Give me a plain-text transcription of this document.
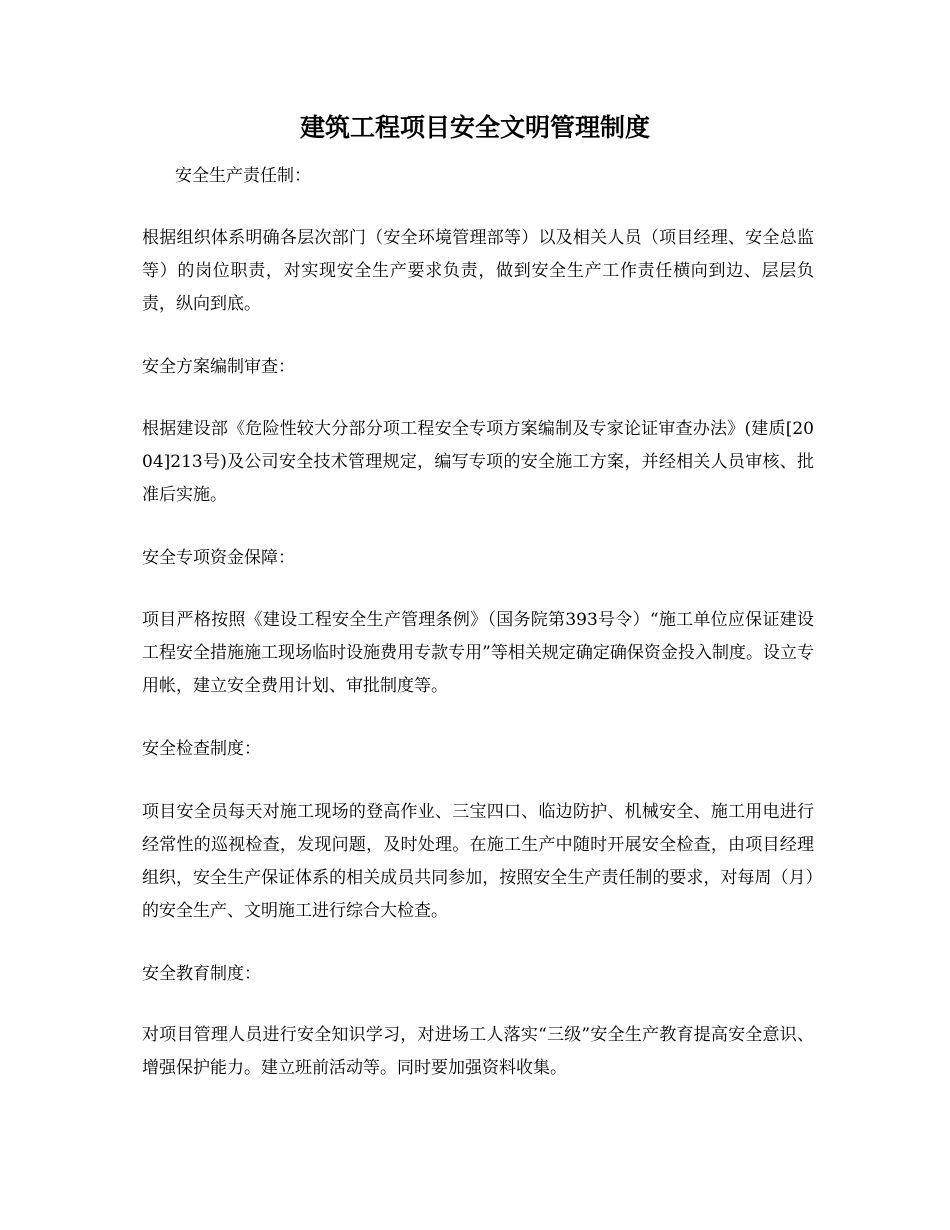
建筑工程项目安全文明管理制度
安全生产责任制：
根据组织体系明确各层次部门（安全环境管理部等）以及相关人员（项目经理、安全总监等）的岗位职责，对实现安全生产要求负责，做到安全生产工作责任横向到边、层层负责，纵向到底。
安全方案编制审查：
根据建设部《危险性较大分部分项工程安全专项方案编制及专家论证审查办法》(建质[2004]213号)及公司安全技术管理规定，编写专项的安全施工方案，并经相关人员审核、批准后实施。
安全专项资金保障：
项目严格按照《建设工程安全生产管理条例》（国务院第393号令）“施工单位应保证建设工程安全措施施工现场临时设施费用专款专用”等相关规定确定确保资金投入制度。设立专用帐，建立安全费用计划、审批制度等。
安全检查制度：
项目安全员每天对施工现场的登高作业、三宝四口、临边防护、机械安全、施工用电进行经常性的巡视检查，发现问题，及时处理。在施工生产中随时开展安全检查，由项目经理组织，安全生产保证体系的相关成员共同参加，按照安全生产责任制的要求，对每周（月）的安全生产、文明施工进行综合大检查。
安全教育制度：
对项目管理人员进行安全知识学习，对进场工人落实“三级”安全生产教育提高安全意识、增强保护能力。建立班前活动等。同时要加强资料收集。
